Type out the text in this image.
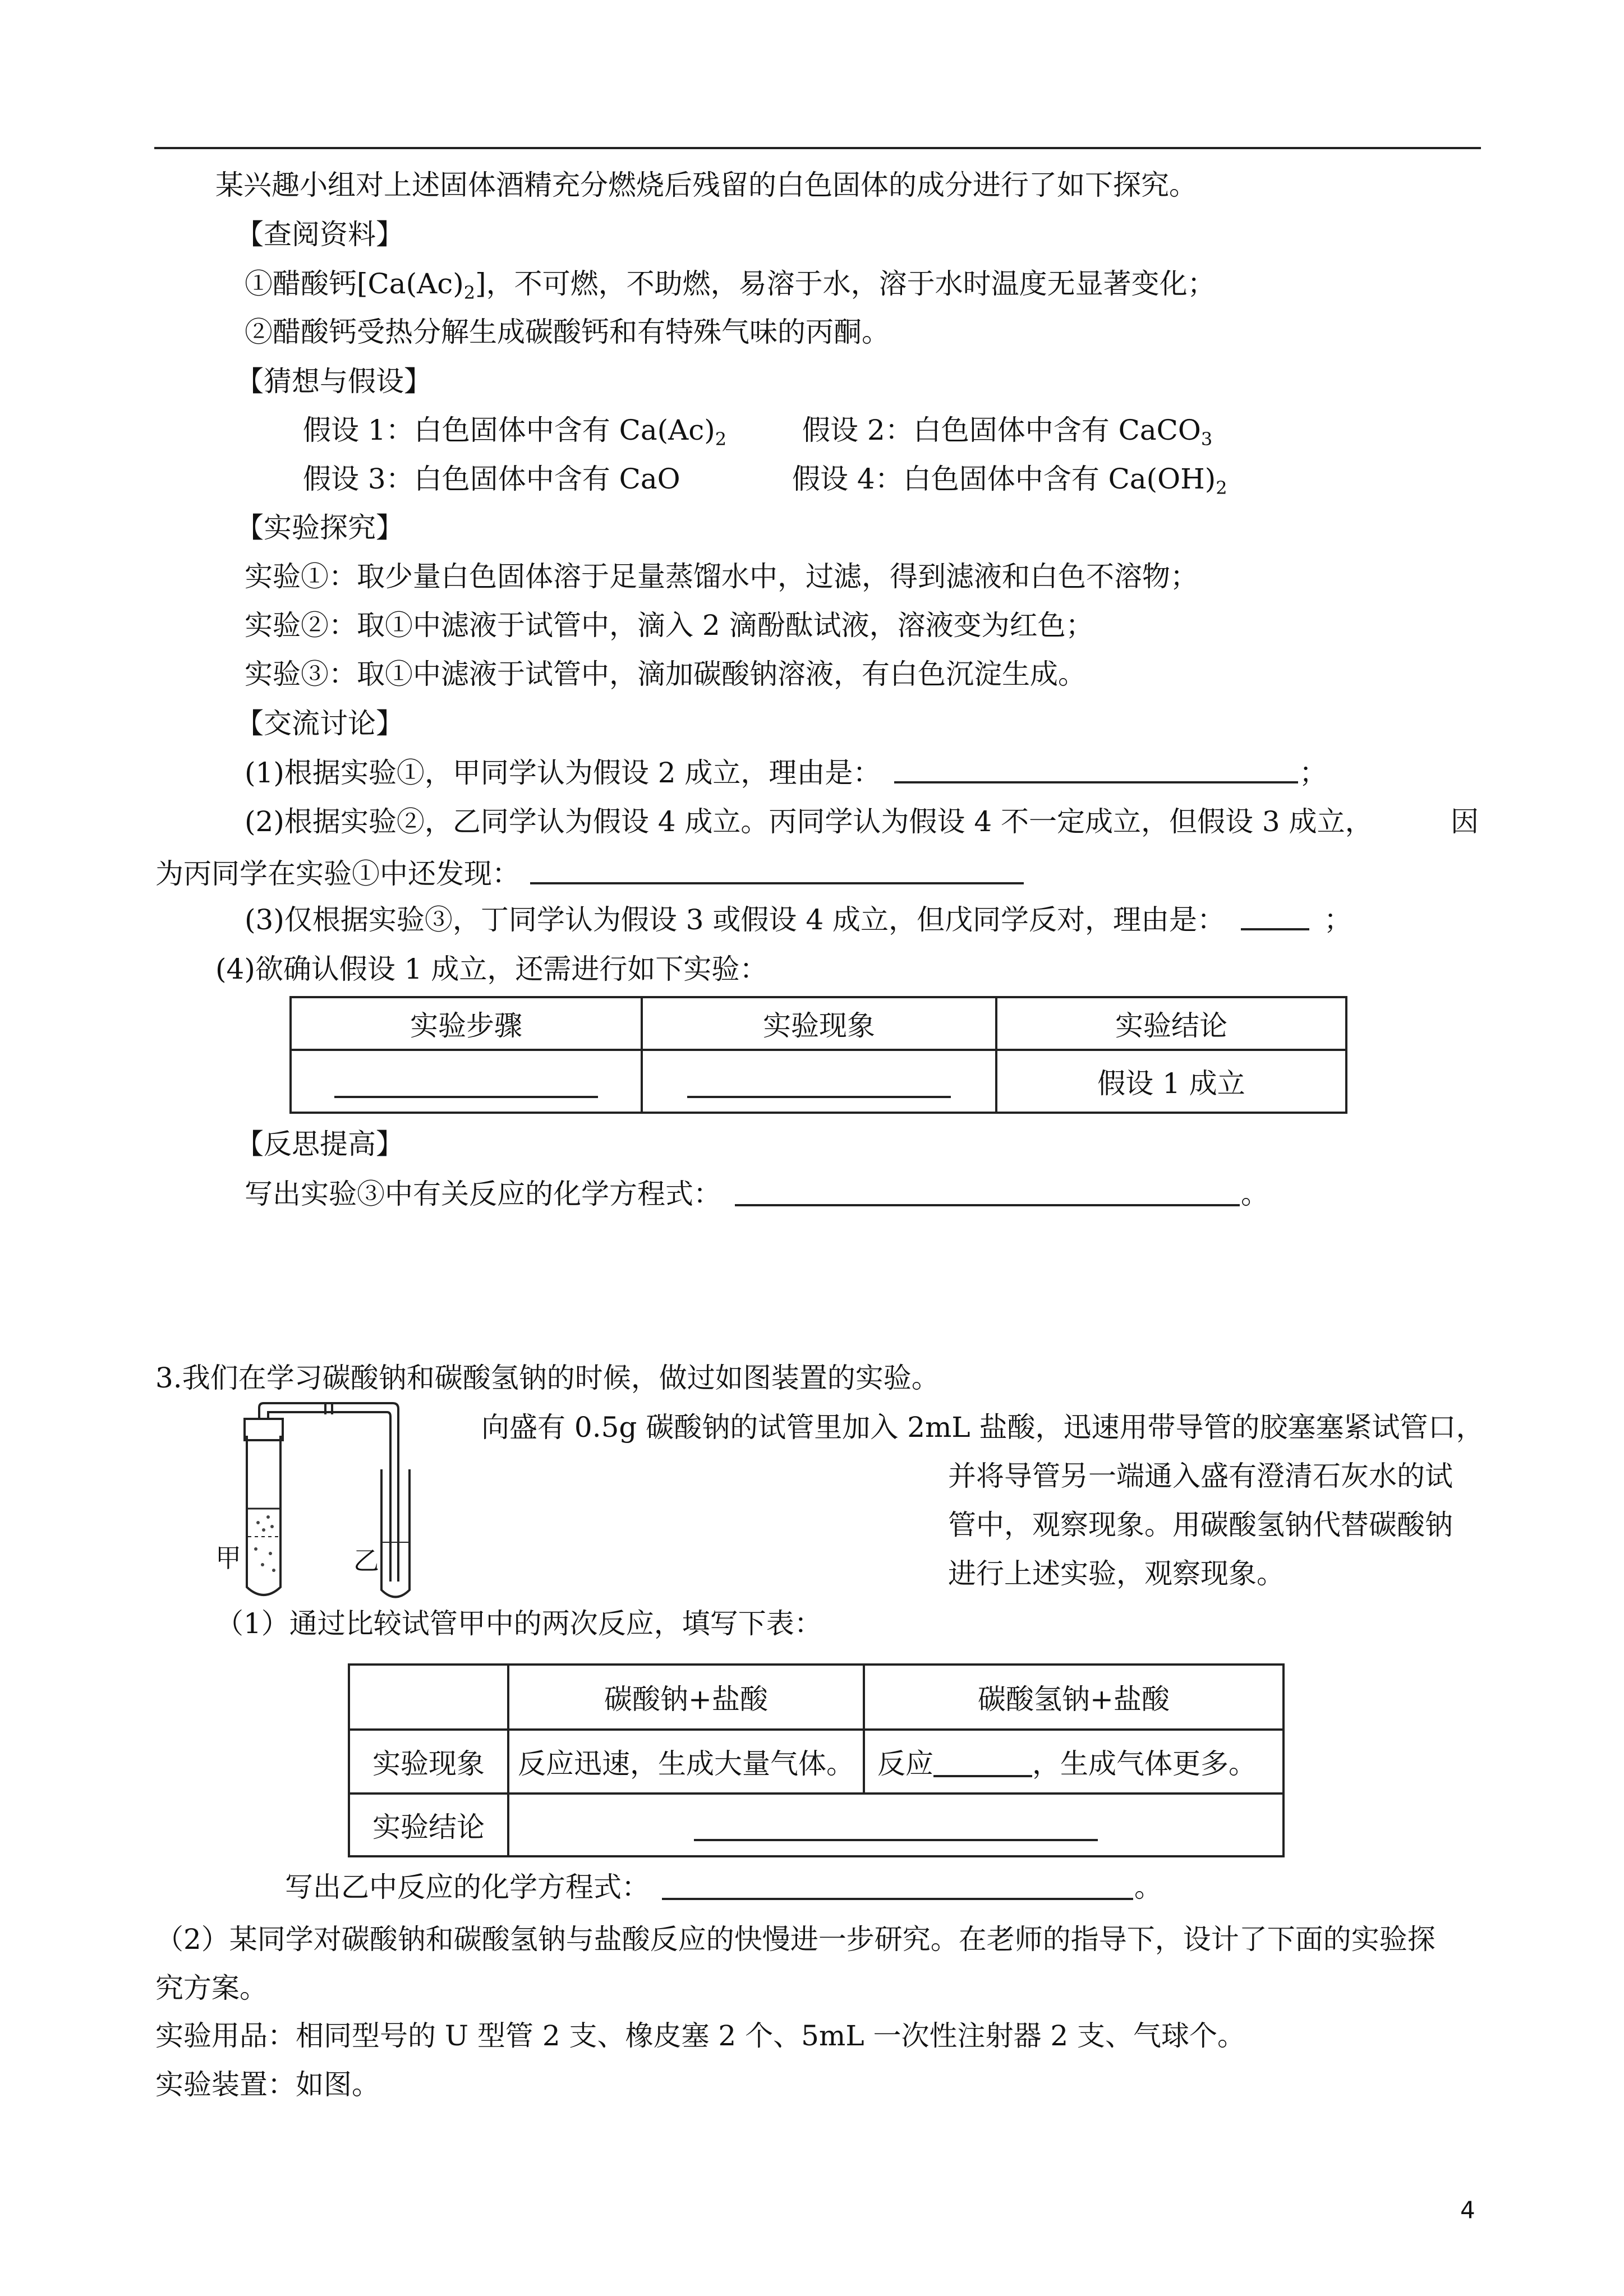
某兴趣小组对上述固体酒精充分燃烧后残留的白色固体的成分进行了如下探究。
【查阅资料】
①醋酸钙$[Ca(Ac)_2]$，不可燃，不助燃，易溶于水，溶于水时温度无显著变化；
②醋酸钙受热分解生成碳酸钙和有特殊气味的丙酮。
【猜想与假设】
假设 1：白色固体中含有 $Ca(Ac)_2$	假设 2：白色固体中含有 CaCO$_3$
假设 3：白色固体中含有 CaO	假设 4：白色固体中含有 $Ca(OH)_2$
【实验探究】
实验①：取少量白色固体溶于足量蒸馏水中，过滤，得到滤液和白色不溶物；
实验②：取①中滤液于试管中，滴入 2 滴酚酞试液，溶液变为红色；
实验③：取①中滤液于试管中，滴加碳酸钠溶液，有白色沉淀生成。
【交流讨论】
(1)根据实验①，甲同学认为假设 2 成立，理由是：	；
(2)根据实验②，乙同学认为假设 4 成立。丙同学认为假设 4 不一定成立，但假设 3 成立，	因
为丙同学在实验①中还发现：
(3)仅根据实验③，丁同学认为假设 3 或假设 4 成立，但戊同学反对，理由是：	；
(4)欲确认假设 1 成立，还需进行如下实验：
实验步骤	实验现象	实验结论
		假设 1 成立
【反思提高】
写出实验③中有关反应的化学方程式：	。
3.我们在学习碳酸钠和碳酸氢钠的时候，做过如图装置的实验。
甲	乙
向盛有 0.5g 碳酸钠的试管里加入 2mL 盐酸，迅速用带导管的胶塞塞紧试管口，
并将导管另一端通入盛有澄清石灰水的试
管中，观察现象。用碳酸氢钠代替碳酸钠
进行上述实验，观察现象。
（1）通过比较试管甲中的两次反应，填写下表：
	碳酸钠+盐酸	碳酸氢钠+盐酸
实验现象	反应迅速，生成大量气体。	反应 ，生成气体更多。
实验结论		
写出乙中反应的化学方程式：	。
（2）某同学对碳酸钠和碳酸氢钠与盐酸反应的快慢进一步研究。在老师的指导下，设计了下面的实验探
究方案。
实验用品：相同型号的 U 型管 2 支、橡皮塞 2 个、5mL 一次性注射器 2 支、气球个。
实验装置：如图。
4
